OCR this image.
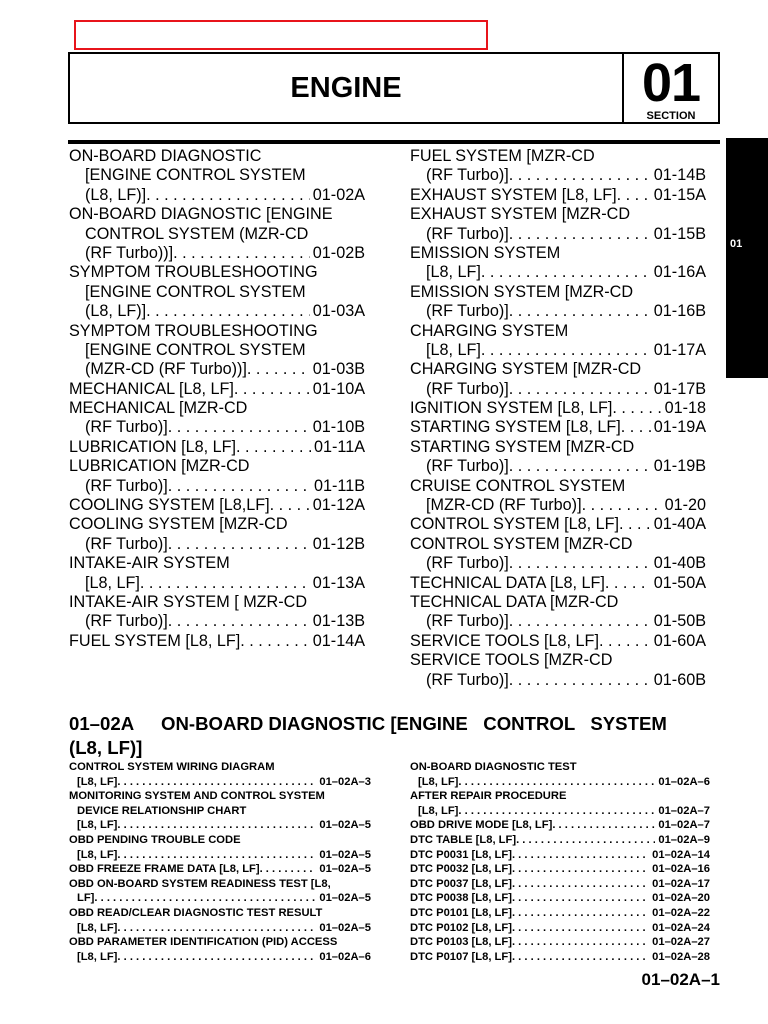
ENGINE	01
SECTION
01
ON-BOARD DIAGNOSTIC
[ENGINE CONTROL SYSTEM
(L8, LF)] . . .	01-02A
ON-BOARD DIAGNOSTIC [ENGINE
CONTROL SYSTEM (MZR-CD
(RF Turbo))] . . .	01-02B
SYMPTOM TROUBLESHOOTING
[ENGINE CONTROL SYSTEM
(L8, LF)] . . .	01-03A
SYMPTOM TROUBLESHOOTING
[ENGINE CONTROL SYSTEM
(MZR-CD (RF Turbo))] . . .	01-03B
MECHANICAL [L8, LF] . . .	01-10A
MECHANICAL [MZR-CD
(RF Turbo)] . . .	01-10B
LUBRICATION [L8, LF] . . .	01-11A
LUBRICATION [MZR-CD
(RF Turbo)] . . .	01-11B
COOLING SYSTEM [L8,LF] . . .	01-12A
COOLING SYSTEM [MZR-CD
(RF Turbo)] . . .	01-12B
INTAKE-AIR SYSTEM
[L8, LF] . . .	01-13A
INTAKE-AIR SYSTEM [ MZR-CD
(RF Turbo)] . . .	01-13B
FUEL SYSTEM [L8, LF] . . .	01-14A
FUEL SYSTEM [MZR-CD
(RF Turbo)] . . .	01-14B
EXHAUST SYSTEM [L8, LF] . . . 01-15A
EXHAUST SYSTEM [MZR-CD
(RF Turbo)] . . .	01-15B
EMISSION SYSTEM
[L8, LF] . . .	01-16A
EMISSION SYSTEM [MZR-CD
(RF Turbo)] . . .	01-16B
CHARGING SYSTEM
[L8, LF] . . .	01-17A
CHARGING SYSTEM [MZR-CD
(RF Turbo)] . . .	01-17B
IGNITION SYSTEM [L8, LF] . . .	01-18
STARTING SYSTEM [L8, LF] . . . 01-19A
STARTING SYSTEM [MZR-CD
(RF Turbo)] . . .	01-19B
CRUISE CONTROL SYSTEM
[MZR-CD (RF Turbo)] . . .	01-20
CONTROL SYSTEM [L8, LF] . . . 01-40A
CONTROL SYSTEM [MZR-CD
(RF Turbo)] . . .	01-40B
TECHNICAL DATA [L8, LF] . . .	01-50A
TECHNICAL DATA [MZR-CD
(RF Turbo)] . . .	01-50B
SERVICE TOOLS [L8, LF] . . .	01-60A
SERVICE TOOLS [MZR-CD
(RF Turbo)] . . .	01-60B
01–02A ON-BOARD DIAGNOSTIC [ENGINE   CONTROL   SYSTEM
(L8, LF)]
CONTROL SYSTEM WIRING DIAGRAM
[L8, LF] . . .	01–02A–3
MONITORING SYSTEM AND CONTROL SYSTEM
DEVICE RELATIONSHIP CHART
[L8, LF] . . .	01–02A–5
OBD PENDING TROUBLE CODE
[L8, LF] . . .	01–02A–5
OBD FREEZE FRAME DATA [L8, LF] . . .	01–02A–5
OBD ON-BOARD SYSTEM READINESS TEST [L8,
LF] . . .	01–02A–5
OBD READ/CLEAR DIAGNOSTIC TEST RESULT
[L8, LF] . . .	01–02A–5
OBD PARAMETER IDENTIFICATION (PID) ACCESS
[L8, LF] . . .	01–02A–6
ON-BOARD DIAGNOSTIC TEST
[L8, LF] . . .	01–02A–6
AFTER REPAIR PROCEDURE
[L8, LF] . . .	01–02A–7
OBD DRIVE MODE [L8, LF] . . .	01–02A–7
DTC TABLE [L8, LF] . . .	01–02A–9
DTC P0031 [L8, LF] . . .	01–02A–14
DTC P0032 [L8, LF] . . .	01–02A–16
DTC P0037 [L8, LF] . . .	01–02A–17
DTC P0038 [L8, LF] . . .	01–02A–20
DTC P0101 [L8, LF] . . .	01–02A–22
DTC P0102 [L8, LF] . . .	01–02A–24
DTC P0103 [L8, LF] . . .	01–02A–27
DTC P0107 [L8, LF] . . .	01–02A–28
01–02A–1
